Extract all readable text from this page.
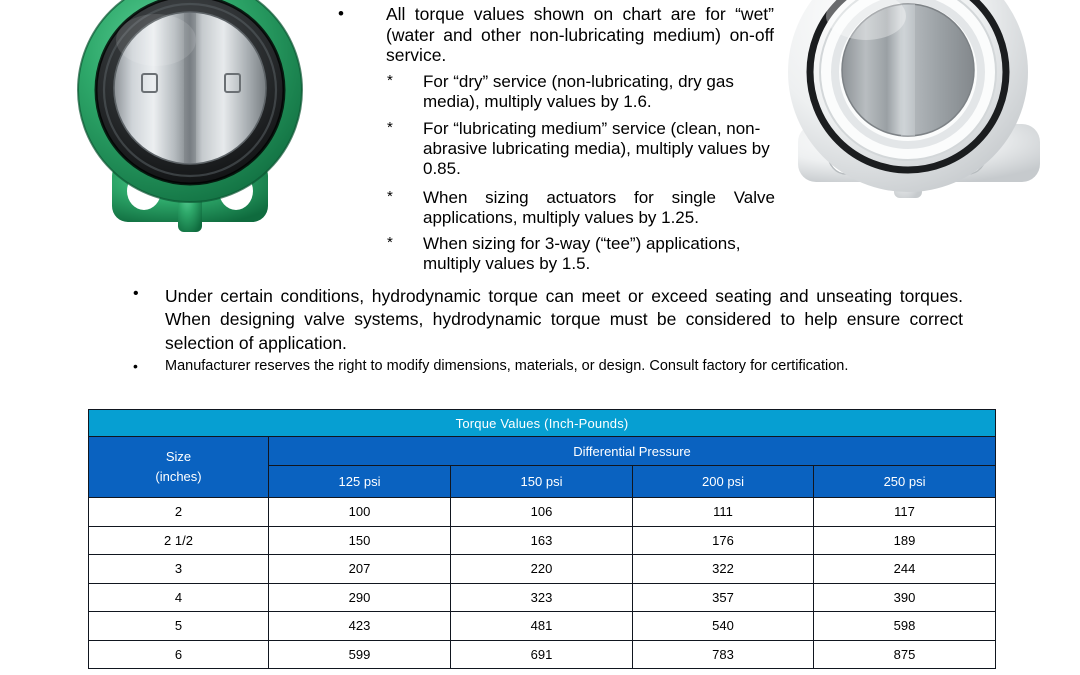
•	All torque values shown on chart are for “wet” (water and other non-lubricating medium) on-off service.
*	For “dry” service (non-lubricating, dry gas media), multiply values by 1.6.
*	For “lubricating medium” service (clean, non-abrasive lubricating media), multiply values by 0.85.
*	When sizing actuators for single Valve applications, multiply values by 1.25.
*	When sizing for 3-way (“tee”) applications, multiply values by 1.5.
•	Under certain conditions, hydrodynamic torque can meet or exceed seating and unseating torques. When designing valve systems, hydrodynamic torque must be considered to help ensure correct selection of application.
•	Manufacturer reserves the right to modify dimensions, materials, or design. Consult factory for certification.
Torque Values (Inch-Pounds)				

Size
(inches)	Differential Pressure			
	125 psi	150 psi	200 psi	250 psi
2	100	106	111	117
2 1/2	150	163	176	189
3	207	220	322	244
4	290	323	357	390
5	423	481	540	598
6	599	691	783	875
